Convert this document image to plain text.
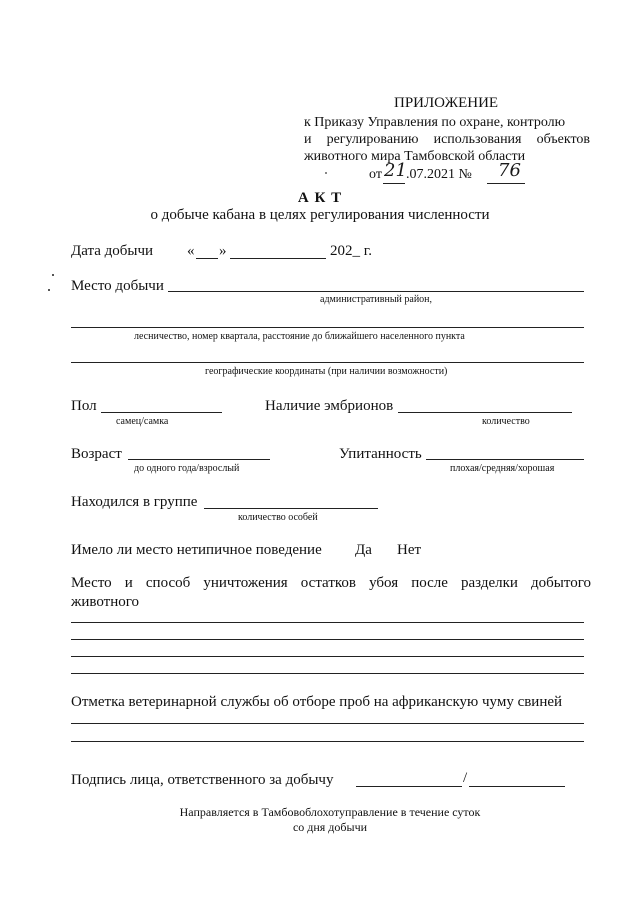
ПРИЛОЖЕНИЕ
к Приказу Управления по охране, контролю
и регулированию использования объектов
животного мира Тамбовской области
от 21 .07.2021 № 76
А К Т
о добыче кабана в целях регулирования численности
Дата добычи « »	202_ г.
Место добычи
административный район,
лесничество, номер квартала, расстояние до ближайшего населенного пункта
географические координаты (при наличии возможности)
Пол
самец/самка
Наличие эмбрионов
количество
Возраст
до одного года/взрослый
Упитанность
плохая/средняя/хорошая
Находился в группе
количество особей
Имело ли место нетипичное поведение Да Нет
Место и способ уничтожения остатков убоя после разделки добытого
животного
Отметка ветеринарной службы об отборе проб на африканскую чуму свиней
Подпись лица, ответственного за добычу	/
Направляется в Тамбовоблохотуправление в течение суток
со дня добычи
